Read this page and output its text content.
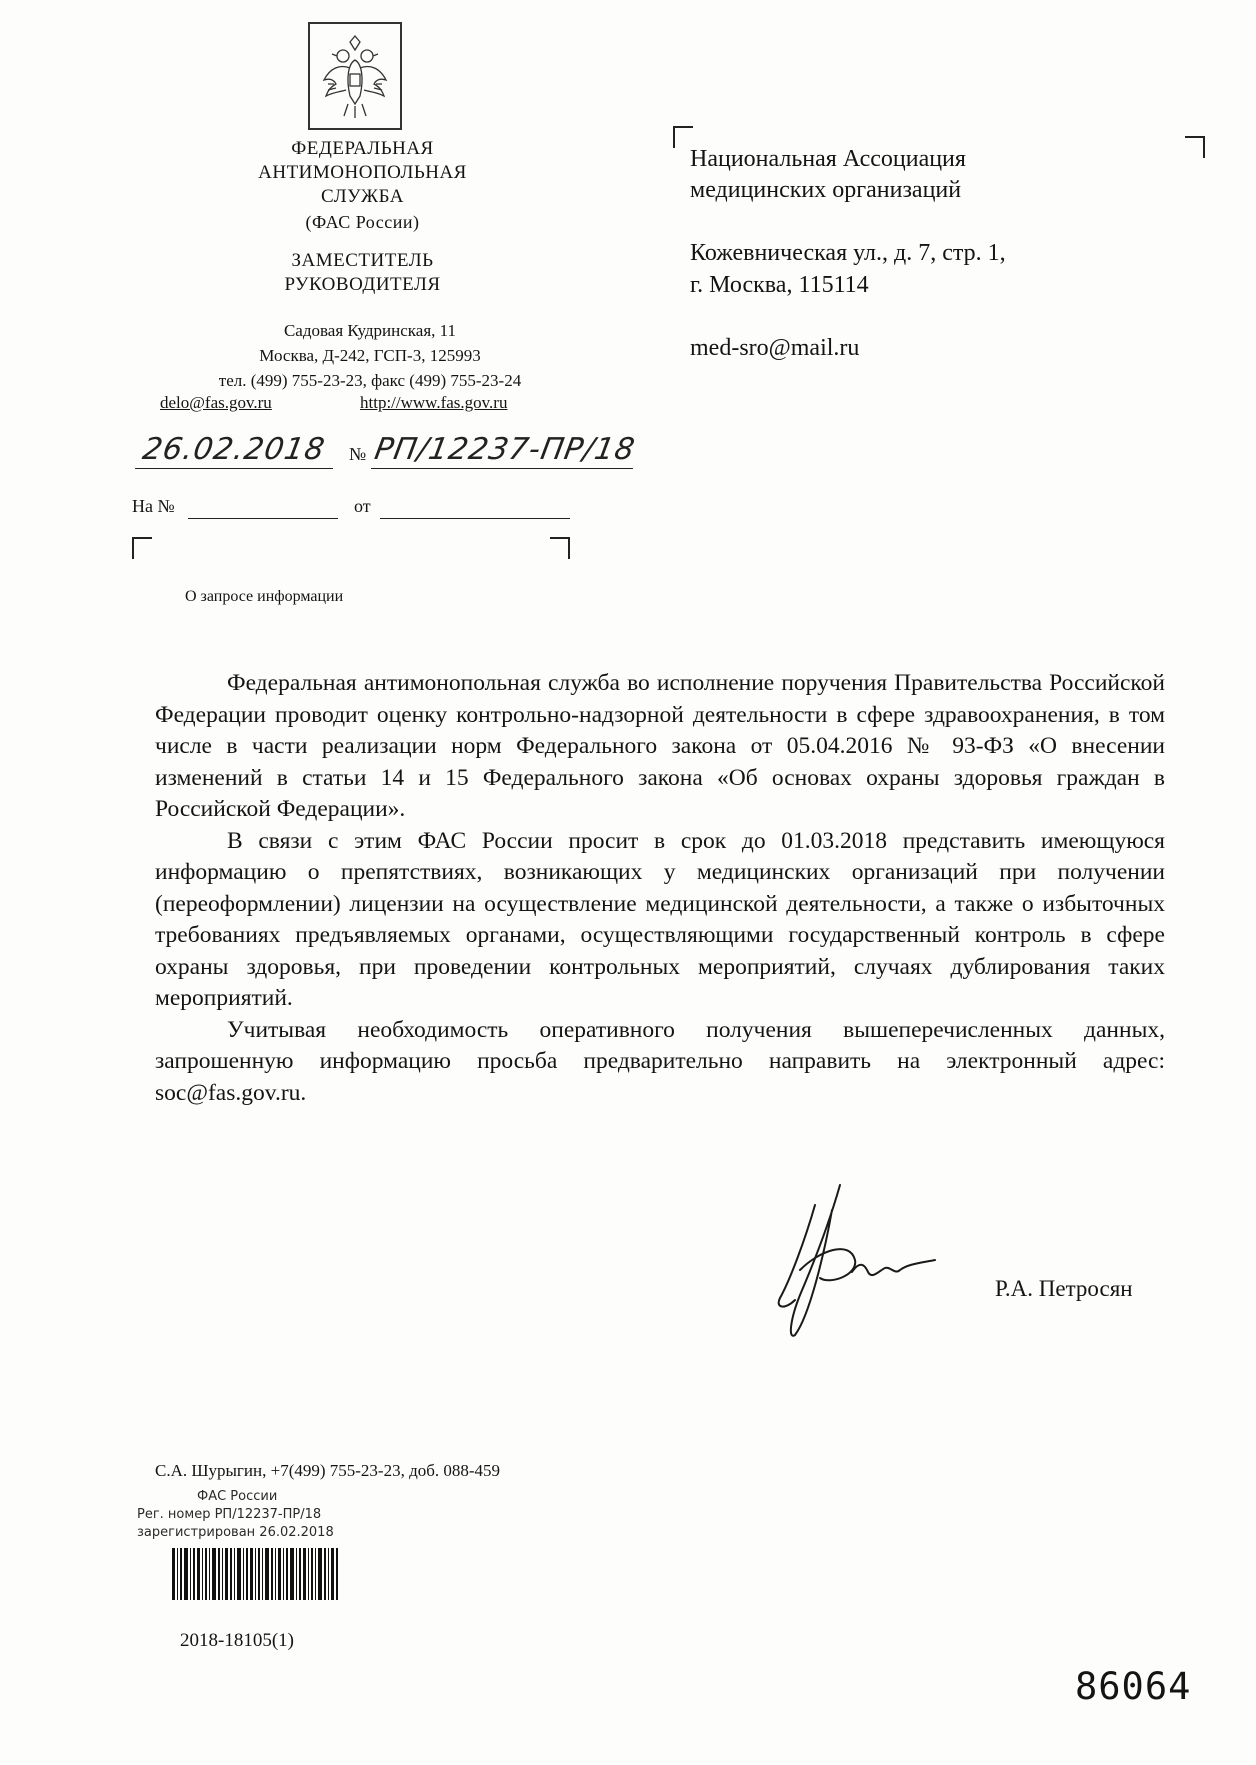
ФЕДЕРАЛЬНАЯ
АНТИМОНОПОЛЬНАЯ
СЛУЖБА
(ФАС России)
ЗАМЕСТИТЕЛЬ
РУКОВОДИТЕЛЯ
Садовая Кудринская, 11
Москва, Д-242, ГСП-3, 125993
тел. (499) 755-23-23, факс (499) 755-23-24
delo@fas.gov.ru	http://www.fas.gov.ru
26.02.2018 № РП/12237-ПР/18
На №	от
О запросе информации
Национальная Ассоциация
медицинских организаций
Кожевническая ул., д. 7, стр. 1,
г. Москва, 115114
med-sro@mail.ru

Федеральная антимонопольная служба во исполнение поручения Правительства Российской Федерации проводит оценку контрольно-надзорной деятельности в сфере здравоохранения, в том числе в части реализации норм Федерального закона от 05.04.2016 № 93-ФЗ «О внесении изменений в статьи 14 и 15 Федерального закона «Об основах охраны здоровья граждан в Российской Федерации».

В связи с этим ФАС России просит в срок до 01.03.2018 представить имеющуюся информацию о препятствиях, возникающих у медицинских организаций при получении (переоформлении) лицензии на осуществление медицинской деятельности, а также о избыточных требованиях предъявляемых органами, осуществляющими государственный контроль в сфере охраны здоровья, при проведении контрольных мероприятий, случаях дублирования таких мероприятий.

Учитывая необходимость оперативного получения вышеперечисленных данных, запрошенную информацию просьба предварительно направить на электронный адрес: soc@fas.gov.ru.

Р.А. Петросян
С.А. Шурыгин, +7(499) 755-23-23, доб. 088-459
ФАС России
Рег. номер РП/12237-ПР/18
зарегистрирован 26.02.2018
2018-18105(1)
86064
